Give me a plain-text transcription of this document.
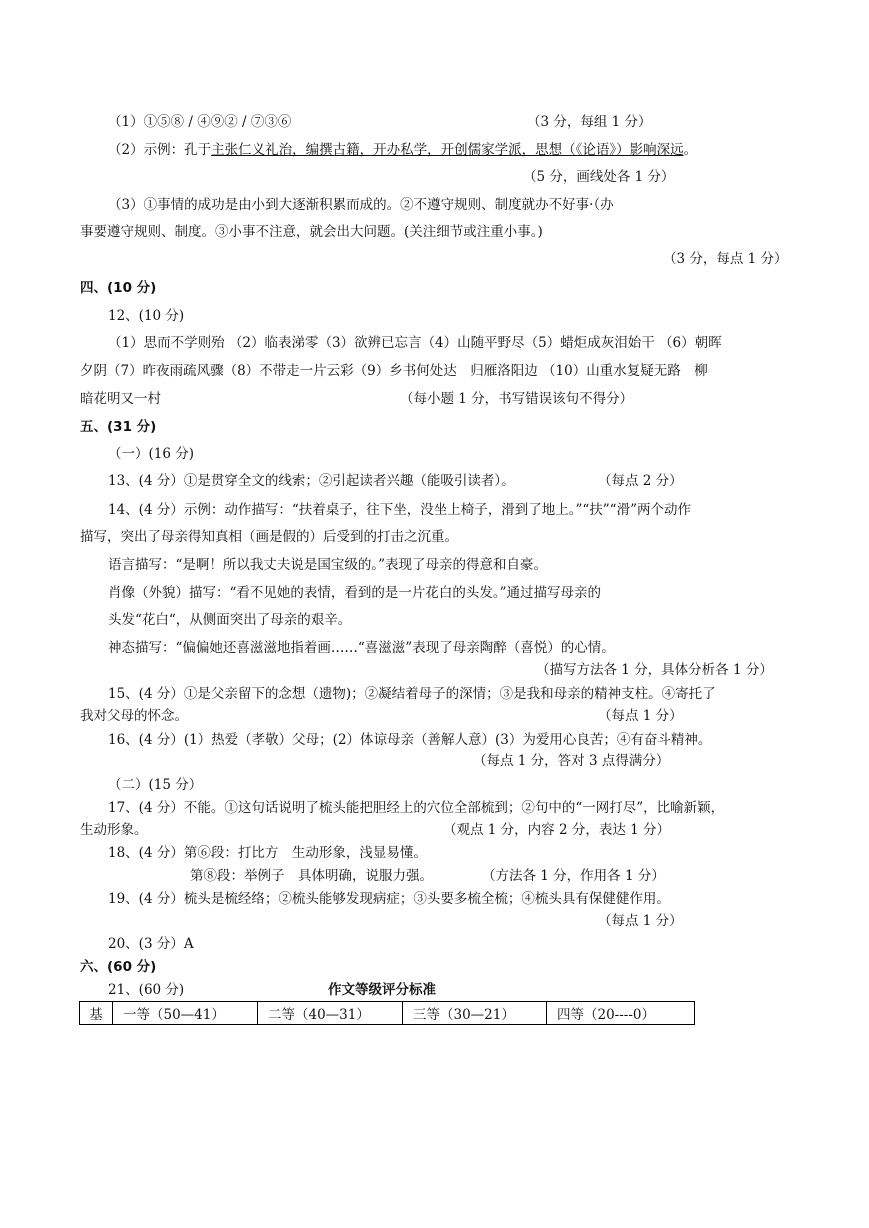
（1）①⑤⑧ / ④⑨② / ⑦③⑥	（3 分，每组 1 分）
（2）示例：孔于主张仁义礼治，编撰古籍，开办私学，开创儒家学派，思想（《论语》）影响深远。
（5 分，画线处各 1 分）
（3）①事情的成功是由小到大逐渐积累而成的。②不遵守规则、制度就办不好事·（办
事要遵守规则、制度。③小事不注意，就会出大问题。(关注细节或注重小事。)
（3 分，每点 1 分）
四、(10 分)
12、(10 分)
（1）思而不学则殆 （2）临表涕零（3）欲辨已忘言（4）山随平野尽（5）蜡炬成灰泪始干 （6）朝晖
夕阴（7）昨夜雨疏风骤（8）不带走一片云彩（9）乡书何处达　归雁洛阳边 （10）山重水复疑无路　柳
暗花明又一村	（每小题 1 分，书写错误该句不得分）
五、(31 分)
（一）(16 分)
13、(4 分）①是贯穿全文的线索；②引起读者兴趣（能吸引读者）。	（每点 2 分）
14、(4 分）示例：动作描写：“扶着桌子，往下坐，没坐上椅子，滑到了地上。”“扶”“滑”两个动作
描写，突出了母亲得知真相（画是假的）后受到的打击之沉重。
语言描写：“是啊！所以我丈夫说是国宝级的。”表现了母亲的得意和自豪。
肖像（外貌）描写：“看不见她的表情，看到的是一片花白的头发。”通过描写母亲的
头发“花白“，从侧面突出了母亲的艰辛。
神态描写：“偏偏她还喜滋滋地指着画……“喜滋滋”表现了母亲陶醉（喜悦）的心情。
（描写方法各 1 分，具体分析各 1 分）
15、(4 分）①是父亲留下的念想（遗物)；②凝结着母子的深情；③是我和母亲的精神支柱。④寄托了
我对父母的怀念。	（每点 1 分）
16、(4 分）(1）热爱（孝敬）父母；(2）体谅母亲（善解人意）(3）为爱用心良苦；④有奋斗精神。
（每点 1 分，答对 3 点得满分）
（二）(15 分）
17、(4 分）不能。①这句话说明了梳头能把胆经上的穴位全部梳到；②句中的“一网打尽”，比喻新颖，
生动形象。	（观点 1 分，内容 2 分，表达 1 分）
18、(4 分）第⑥段：打比方　生动形象，浅显易懂。
第⑧段：举例子　具体明确，说服力强。	（方法各 1 分，作用各 1 分）
19、(4 分）梳头是梳经络；②梳头能够发现病症；③头要多梳全梳；④梳头具有保健健作用。
（每点 1 分）
20、(3 分）A
六、(60 分)
21、(60 分)	作文等级评分标准
基	一等（50—41）	二等（40—31）	三等（30—21）	四等（20----0）
